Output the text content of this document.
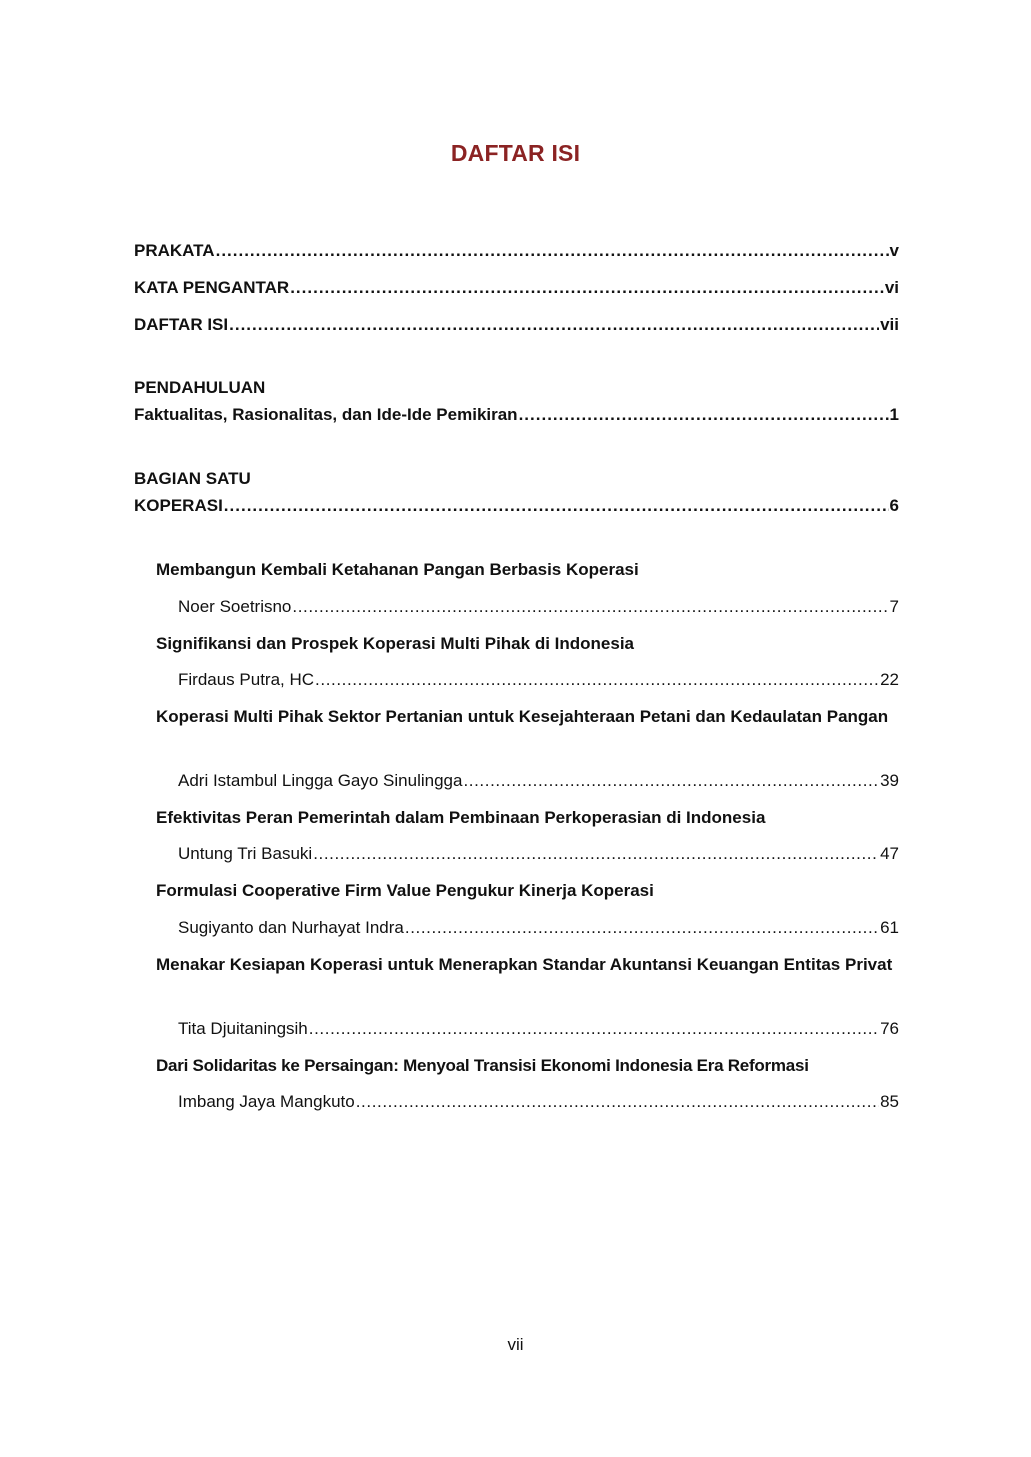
DAFTAR ISI
PRAKATA .....	v
KATA PENGANTAR .....	vi
DAFTAR ISI .....	vii
PENDAHULUAN
Faktualitas, Rasionalitas, dan Ide-Ide Pemikiran .....	1
BAGIAN SATU
KOPERASI .....	6
Membangun Kembali Ketahanan Pangan Berbasis Koperasi
Noer Soetrisno .....	7
Signifikansi dan Prospek Koperasi Multi Pihak di Indonesia
Firdaus Putra, HC .....	22
Koperasi Multi Pihak Sektor Pertanian untuk Kesejahteraan Petani dan Kedaulatan Pangan
Adri Istambul Lingga Gayo Sinulingga .....	39
Efektivitas Peran Pemerintah dalam Pembinaan Perkoperasian di Indonesia
Untung Tri Basuki .....	47
Formulasi Cooperative Firm Value Pengukur Kinerja Koperasi
Sugiyanto dan Nurhayat Indra .....	61
Menakar Kesiapan Koperasi untuk Menerapkan Standar Akuntansi Keuangan Entitas Privat
Tita Djuitaningsih .....	76
Dari Solidaritas ke Persaingan: Menyoal Transisi Ekonomi Indonesia Era Reformasi
Imbang Jaya Mangkuto .....	85
vii
